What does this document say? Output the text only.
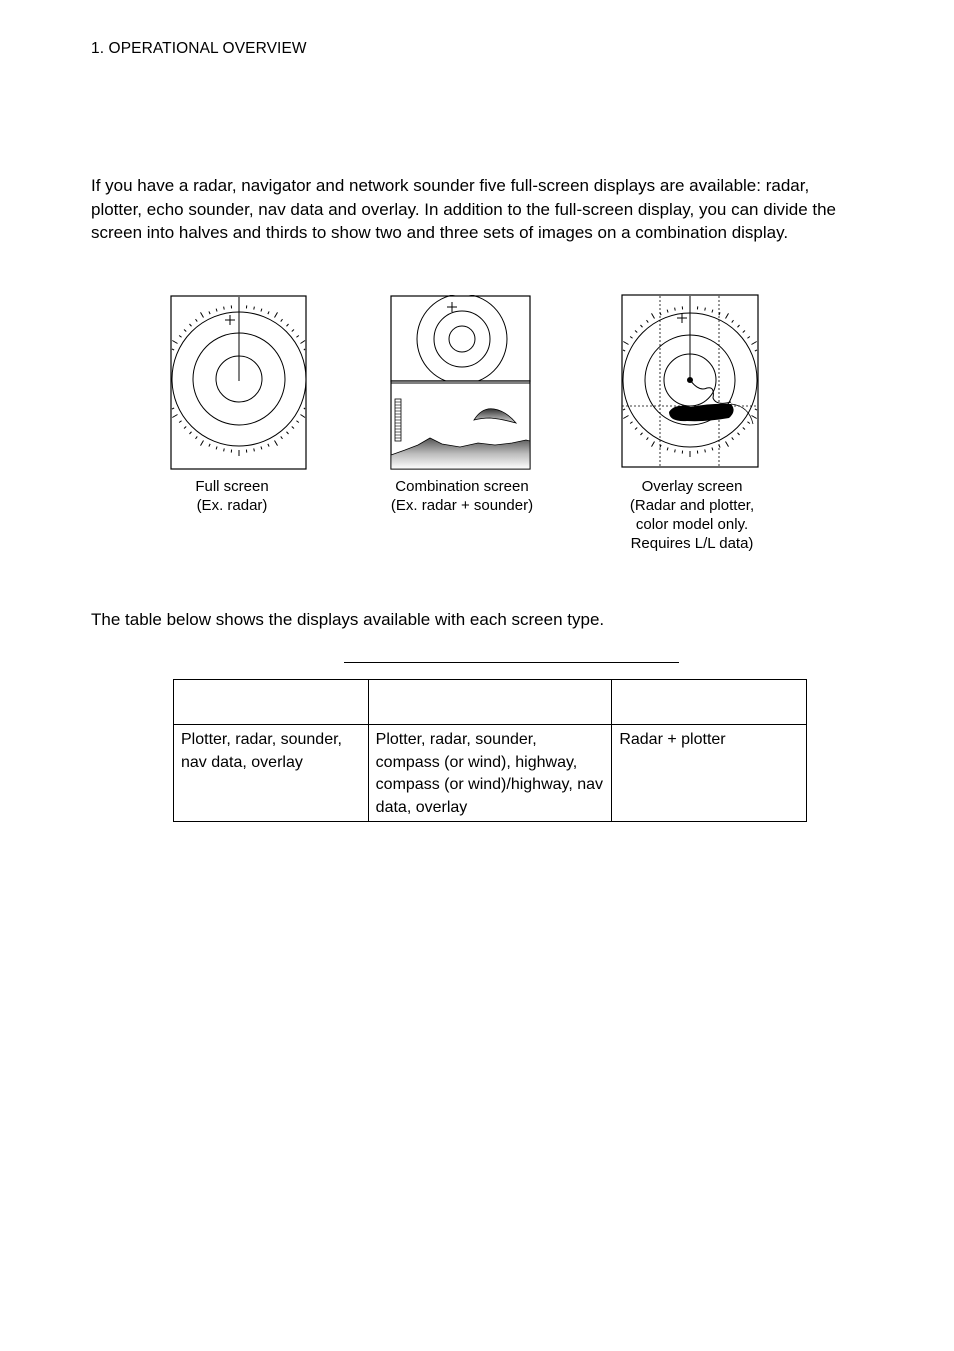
1. OPERATIONAL OVERVIEW

If you have a radar, navigator and network sounder five full-screen displays are available: radar, plotter, echo sounder, nav data and overlay. In addition to the full-screen display, you can divide the screen into halves and thirds to show two and three sets of images on a combination display.

Full screen
(Ex. radar)
Combination screen
(Ex. radar + sounder)
Overlay screen
(Radar and plotter,
color model only.
Requires L/L data)
The table below shows the displays available with each screen type.

Plotter, radar, sounder, nav data, overlay	Plotter, radar, sounder, compass (or wind), highway, compass (or wind)/highway, nav data, overlay	Radar + plotter
